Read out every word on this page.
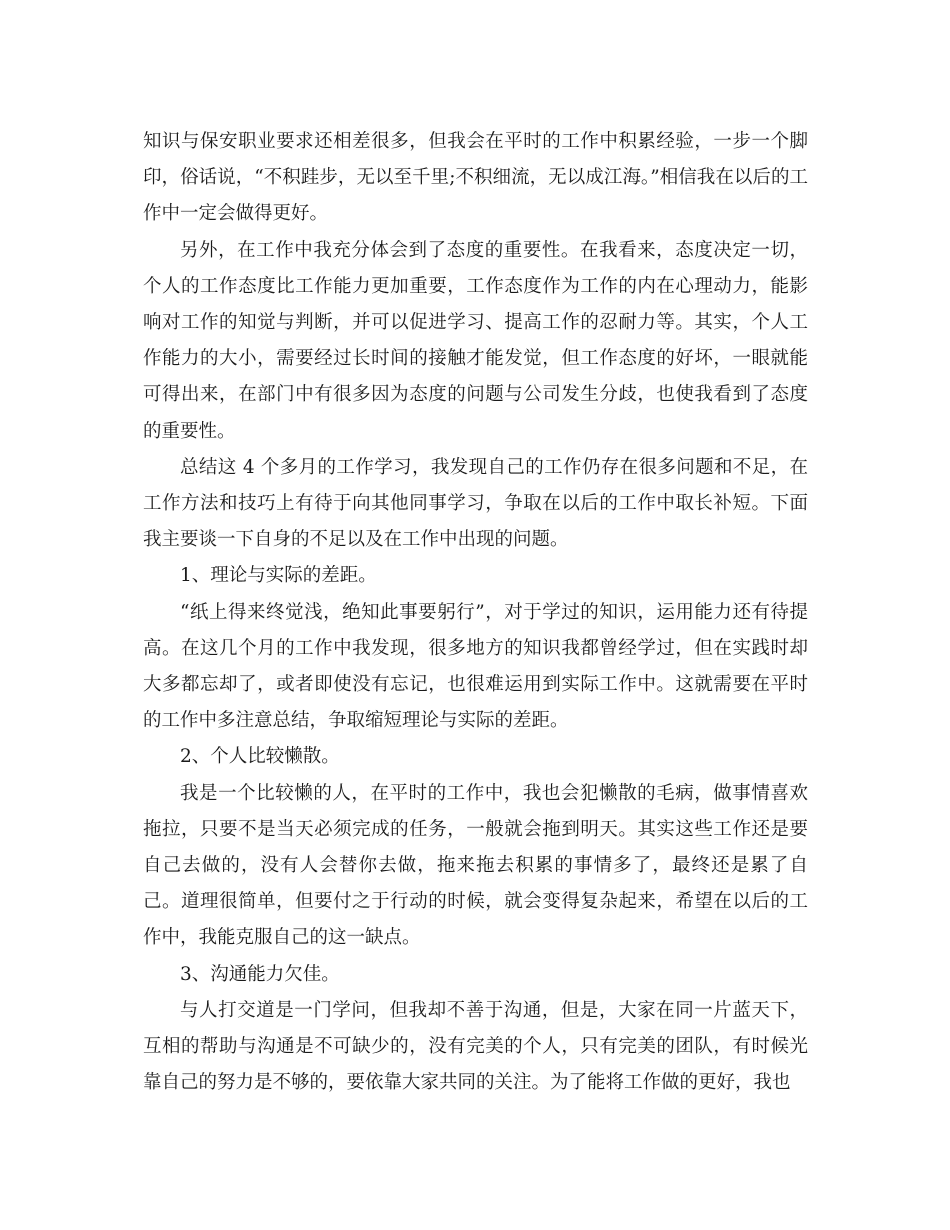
知识与保安职业要求还相差很多，但我会在平时的工作中积累经验，一步一个脚印，俗话说，“不积跬步，无以至千里;不积细流，无以成江海。”相信我在以后的工作中一定会做得更好。

另外，在工作中我充分体会到了态度的重要性。在我看来，态度决定一切，个人的工作态度比工作能力更加重要，工作态度作为工作的内在心理动力，能影响对工作的知觉与判断，并可以促进学习、提高工作的忍耐力等。其实，个人工作能力的大小，需要经过长时间的接触才能发觉，但工作态度的好坏，一眼就能可得出来，在部门中有很多因为态度的问题与公司发生分歧，也使我看到了态度的重要性。

总结这 4 个多月的工作学习，我发现自己的工作仍存在很多问题和不足，在工作方法和技巧上有待于向其他同事学习，争取在以后的工作中取长补短。下面我主要谈一下自身的不足以及在工作中出现的问题。

1、理论与实际的差距。

“纸上得来终觉浅，绝知此事要躬行”，对于学过的知识，运用能力还有待提高。在这几个月的工作中我发现，很多地方的知识我都曾经学过，但在实践时却大多都忘却了，或者即使没有忘记，也很难运用到实际工作中。这就需要在平时的工作中多注意总结，争取缩短理论与实际的差距。

2、个人比较懒散。

我是一个比较懒的人，在平时的工作中，我也会犯懒散的毛病，做事情喜欢拖拉，只要不是当天必须完成的任务，一般就会拖到明天。其实这些工作还是要自己去做的，没有人会替你去做，拖来拖去积累的事情多了，最终还是累了自己。道理很简单，但要付之于行动的时候，就会变得复杂起来，希望在以后的工作中，我能克服自己的这一缺点。

3、沟通能力欠佳。

与人打交道是一门学问，但我却不善于沟通，但是，大家在同一片蓝天下，互相的帮助与沟通是不可缺少的，没有完美的个人，只有完美的团队，有时候光靠自己的努力是不够的，要依靠大家共同的关注。为了能将工作做的更好，我也
